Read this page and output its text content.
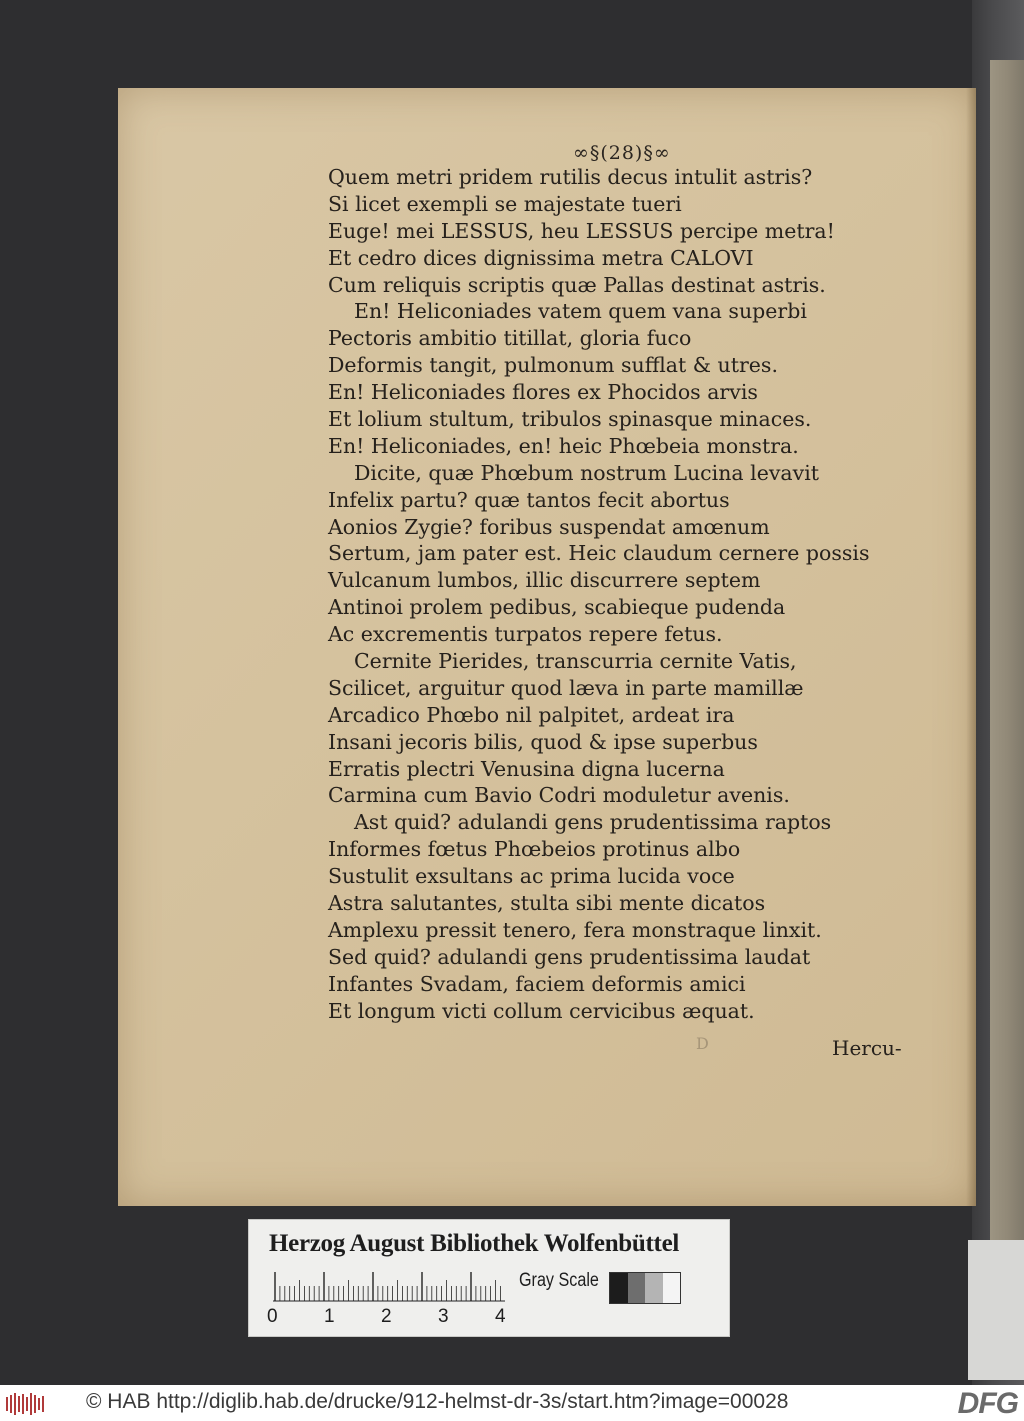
∞§(28)§∞
Quem metri pridem rutilis decus intulit astris?
Si licet exempli se majestate tueri
Euge! mei LESSUS, heu LESSUS percipe metra!
Et cedro dices dignissima metra CALOVI
Cum reliquis scriptis quæ Pallas destinat astris.
En! Heliconiades vatem quem vana superbi
Pectoris ambitio titillat, gloria fuco
Deformis tangit, pulmonum sufflat & utres.
En! Heliconiades flores ex Phocidos arvis
Et lolium stultum, tribulos spinasque minaces.
En! Heliconiades, en! heic Phœbeia monstra.
Dicite, quæ Phœbum nostrum Lucina levavit
Infelix partu? quæ tantos fecit abortus
Aonios Zygie? foribus suspendat amœnum
Sertum, jam pater est. Heic claudum cernere possis
Vulcanum lumbos, illic discurrere septem
Antinoi prolem pedibus, scabieque pudenda
Ac excrementis turpatos repere fetus.
Cernite Pierides, transcurria cernite Vatis,
Scilicet, arguitur quod læva in parte mamillæ
Arcadico Phœbo nil palpitet, ardeat ira
Insani jecoris bilis, quod & ipse superbus
Erratis plectri Venusina digna lucerna
Carmina cum Bavio Codri moduletur avenis.
Ast quid? adulandi gens prudentissima raptos
Informes fœtus Phœbeios protinus albo
Sustulit exsultans ac prima lucida voce
Astra salutantes, stulta sibi mente dicatos
Amplexu pressit tenero, fera monstraque linxit.
Sed quid? adulandi gens prudentissima laudat
Infantes Svadam, faciem deformis amici
Et longum victi collum cervicibus æquat.
D	Hercu-
Herzog August Bibliothek Wolfenbüttel
0 1 2 3 4
Gray Scale
© HAB http://diglib.hab.de/drucke/912-helmst-dr-3s/start.htm?image=00028	DFG
